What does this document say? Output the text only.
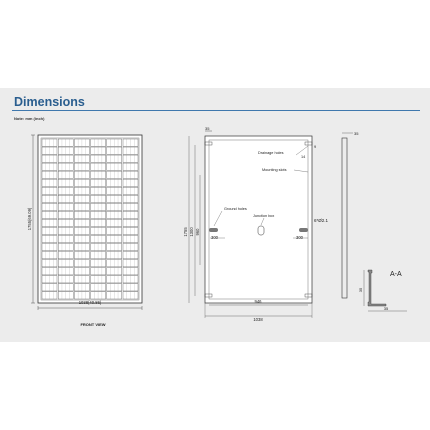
Dimensions
Note: mm (inch)
1755(69.09)
1038(40.86)
FRONT VIEW
35
Drainage holes
Mounting slots
14
9
Ground holes
Junction box
6*Ø2.1
300	300
1755 1300 960
946
1038
35
A-A
35
35
